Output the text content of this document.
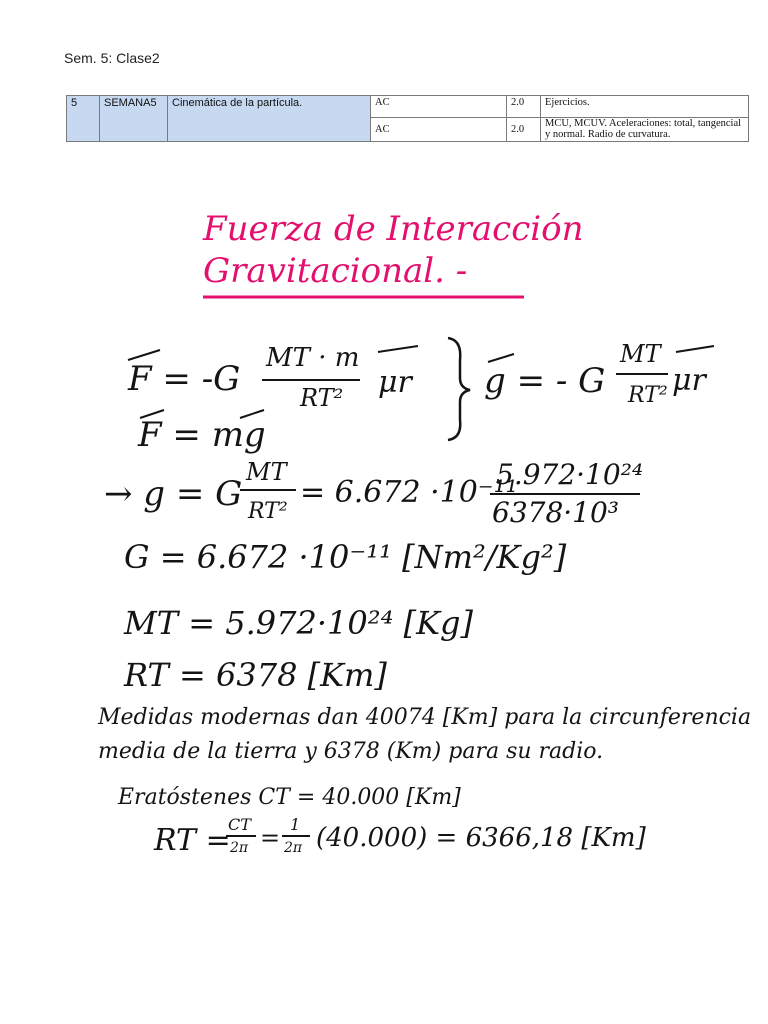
Sem. 5: Clase2
5	SEMANA5	Cinemática de la partícula.	AC	2.0	Ejercicios.
			AC	2.0	MCU, MCUV. Aceleraciones: total, tangencial y normal. Radio de curvatura.
Fuerza de Interacción
Gravitacional. -
F = -G
MT · m
RT² μr g = - G
MT
RT² μr
F = mg
→ g = G
MT
RT²
= 6.672 ·10⁻¹¹
5.972·10²⁴
6378·10³
G = 6.672 ·10⁻¹¹ [Nm²/Kg²]
MT = 5.972·10²⁴ [Kg]
RT = 6378 [Km]
Medidas modernas dan 40074 [Km] para la circunferencia
media de la tierra y 6378 (Km) para su radio.
Eratóstenes CT = 40.000 [Km]
RT =
CT
2π = 1
2π (40.000) = 6366,18 [Km]
